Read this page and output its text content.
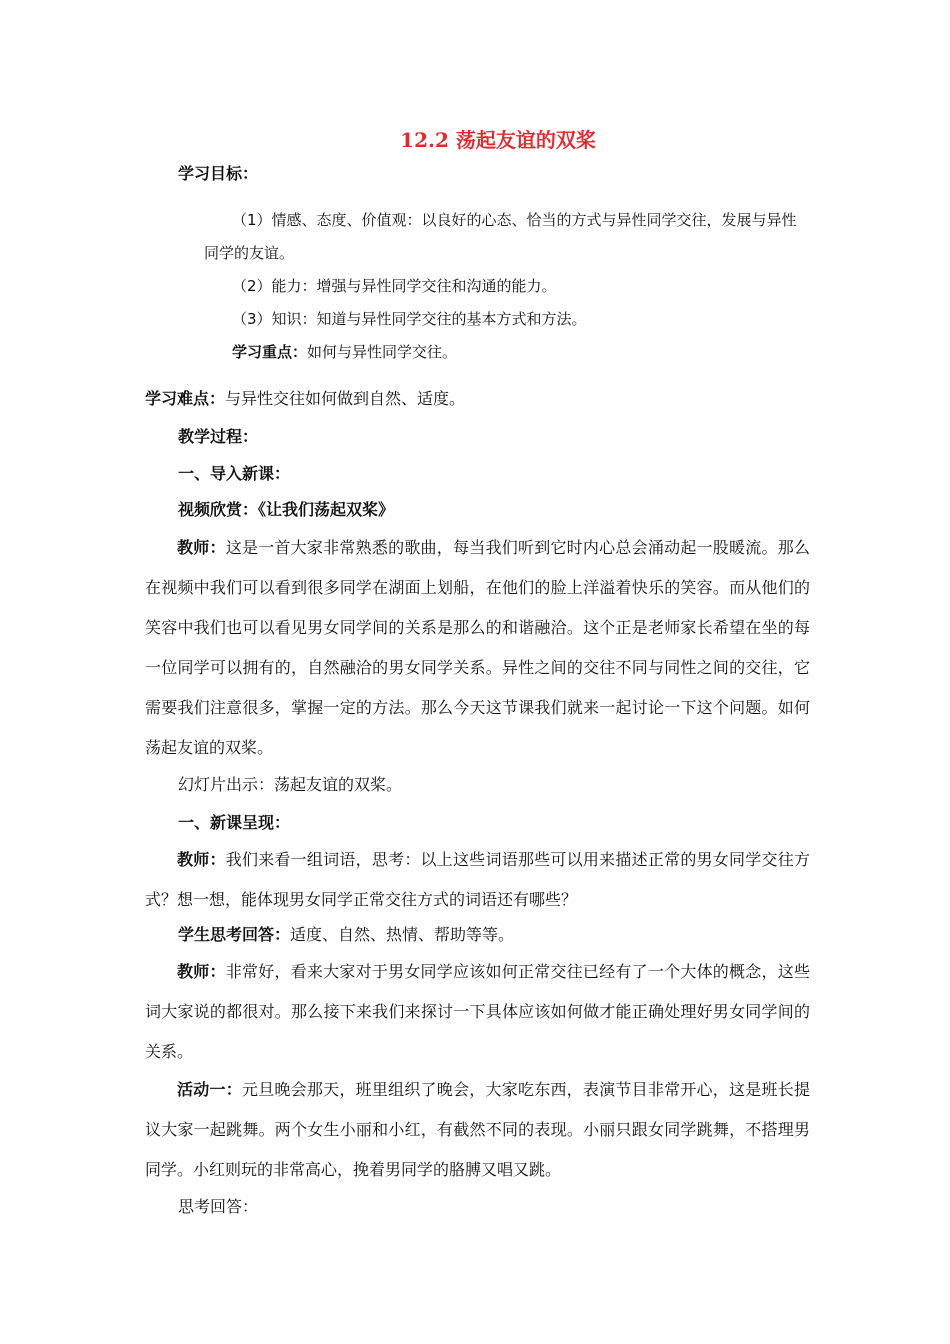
12.2 荡起友谊的双桨
学习目标：
（1）情感、态度、价值观：以良好的心态、恰当的方式与异性同学交往，发展与异性
同学的友谊。
（2）能力：增强与异性同学交往和沟通的能力。
（3）知识：知道与异性同学交往的基本方式和方法。
学习重点：如何与异性同学交往。
学习难点：与异性交往如何做到自然、适度。
教学过程：
一、导入新课：
视频欣赏：《让我们荡起双桨》

教师：这是一首大家非常熟悉的歌曲，每当我们听到它时内心总会涌动起一股暖流。那么在视频中我们可以看到很多同学在湖面上划船，在他们的脸上洋溢着快乐的笑容。而从他们的笑容中我们也可以看见男女同学间的关系是那么的和谐融洽。这个正是老师家长希望在坐的每一位同学可以拥有的，自然融洽的男女同学关系。异性之间的交往不同与同性之间的交往，它需要我们注意很多，掌握一定的方法。那么今天这节课我们就来一起讨论一下这个问题。如何荡起友谊的双桨。

幻灯片出示：荡起友谊的双桨。
一、新课呈现：

教师：我们来看一组词语，思考：以上这些词语那些可以用来描述正常的男女同学交往方式？想一想，能体现男女同学正常交往方式的词语还有哪些？

学生思考回答：适度、自然、热情、帮助等等。

教师：非常好，看来大家对于男女同学应该如何正常交往已经有了一个大体的概念，这些词大家说的都很对。那么接下来我们来探讨一下具体应该如何做才能正确处理好男女同学间的关系。

活动一：元旦晚会那天，班里组织了晚会，大家吃东西，表演节目非常开心，这是班长提议大家一起跳舞。两个女生小丽和小红，有截然不同的表现。小丽只跟女同学跳舞，不搭理男同学。小红则玩的非常高心，挽着男同学的胳膊又唱又跳。

思考回答：
